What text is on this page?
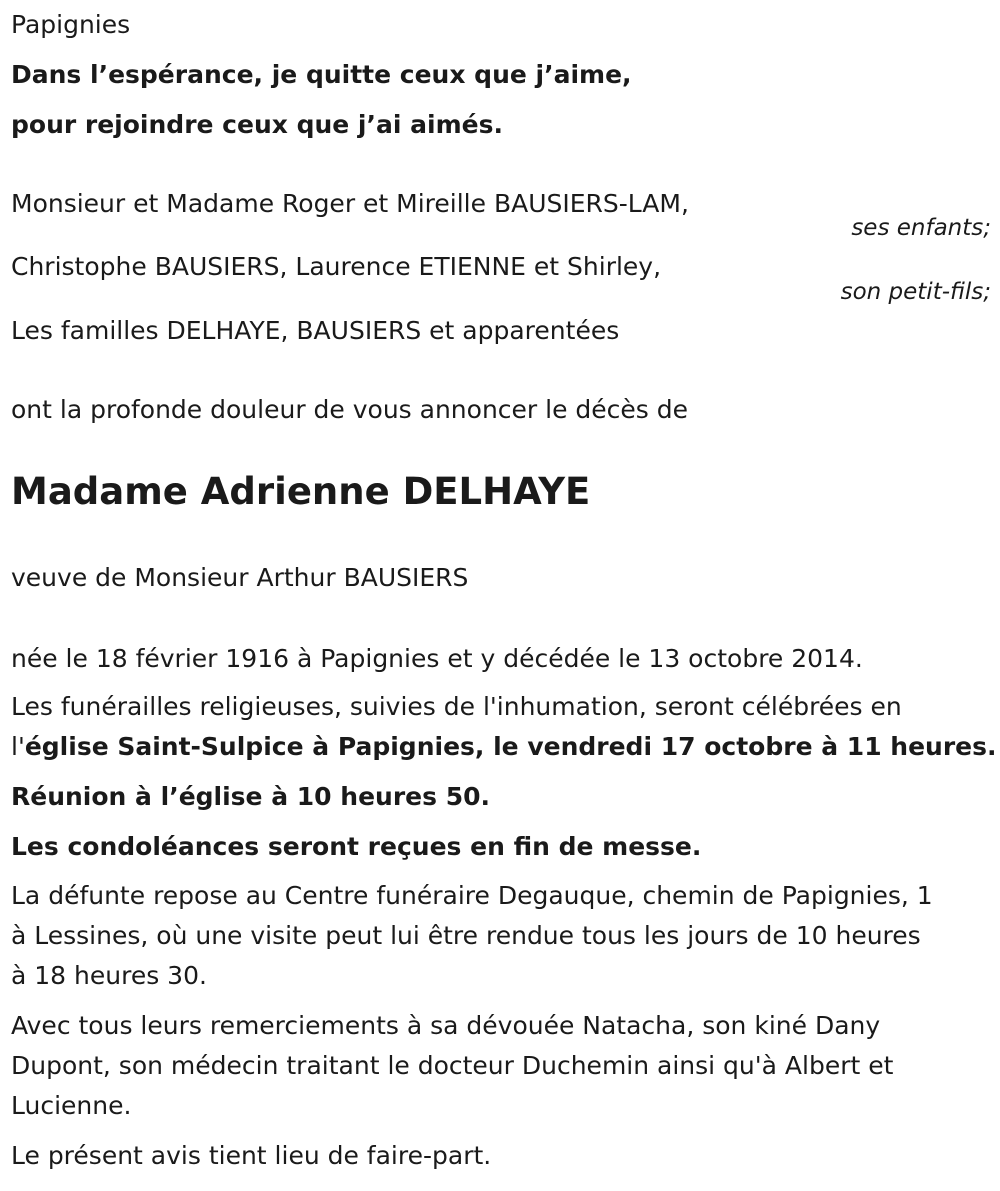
Papignies
Dans l’espérance, je quitte ceux que j’aime,
pour rejoindre ceux que j’ai aimés.
Monsieur et Madame Roger et Mireille BAUSIERS-LAM,
ses enfants;
Christophe BAUSIERS, Laurence ETIENNE et Shirley,
son petit-fils;
Les familles DELHAYE, BAUSIERS et apparentées
ont la profonde douleur de vous annoncer le décès de
Madame Adrienne DELHAYE
veuve de Monsieur Arthur BAUSIERS
née le 18 février 1916 à Papignies et y décédée le 13 octobre 2014.
Les funérailles religieuses, suivies de l'inhumation, seront célébrées en
l'église Saint-Sulpice à Papignies, le vendredi 17 octobre à 11 heures.
Réunion à l’église à 10 heures 50.
Les condoléances seront reçues en fin de messe.
La défunte repose au Centre funéraire Degauque, chemin de Papignies, 1
à Lessines, où une visite peut lui être rendue tous les jours de 10 heures
à 18 heures 30.
Avec tous leurs remerciements à sa dévouée Natacha, son kiné Dany
Dupont, son médecin traitant le docteur Duchemin ainsi qu'à Albert et
Lucienne.
Le présent avis tient lieu de faire-part.
